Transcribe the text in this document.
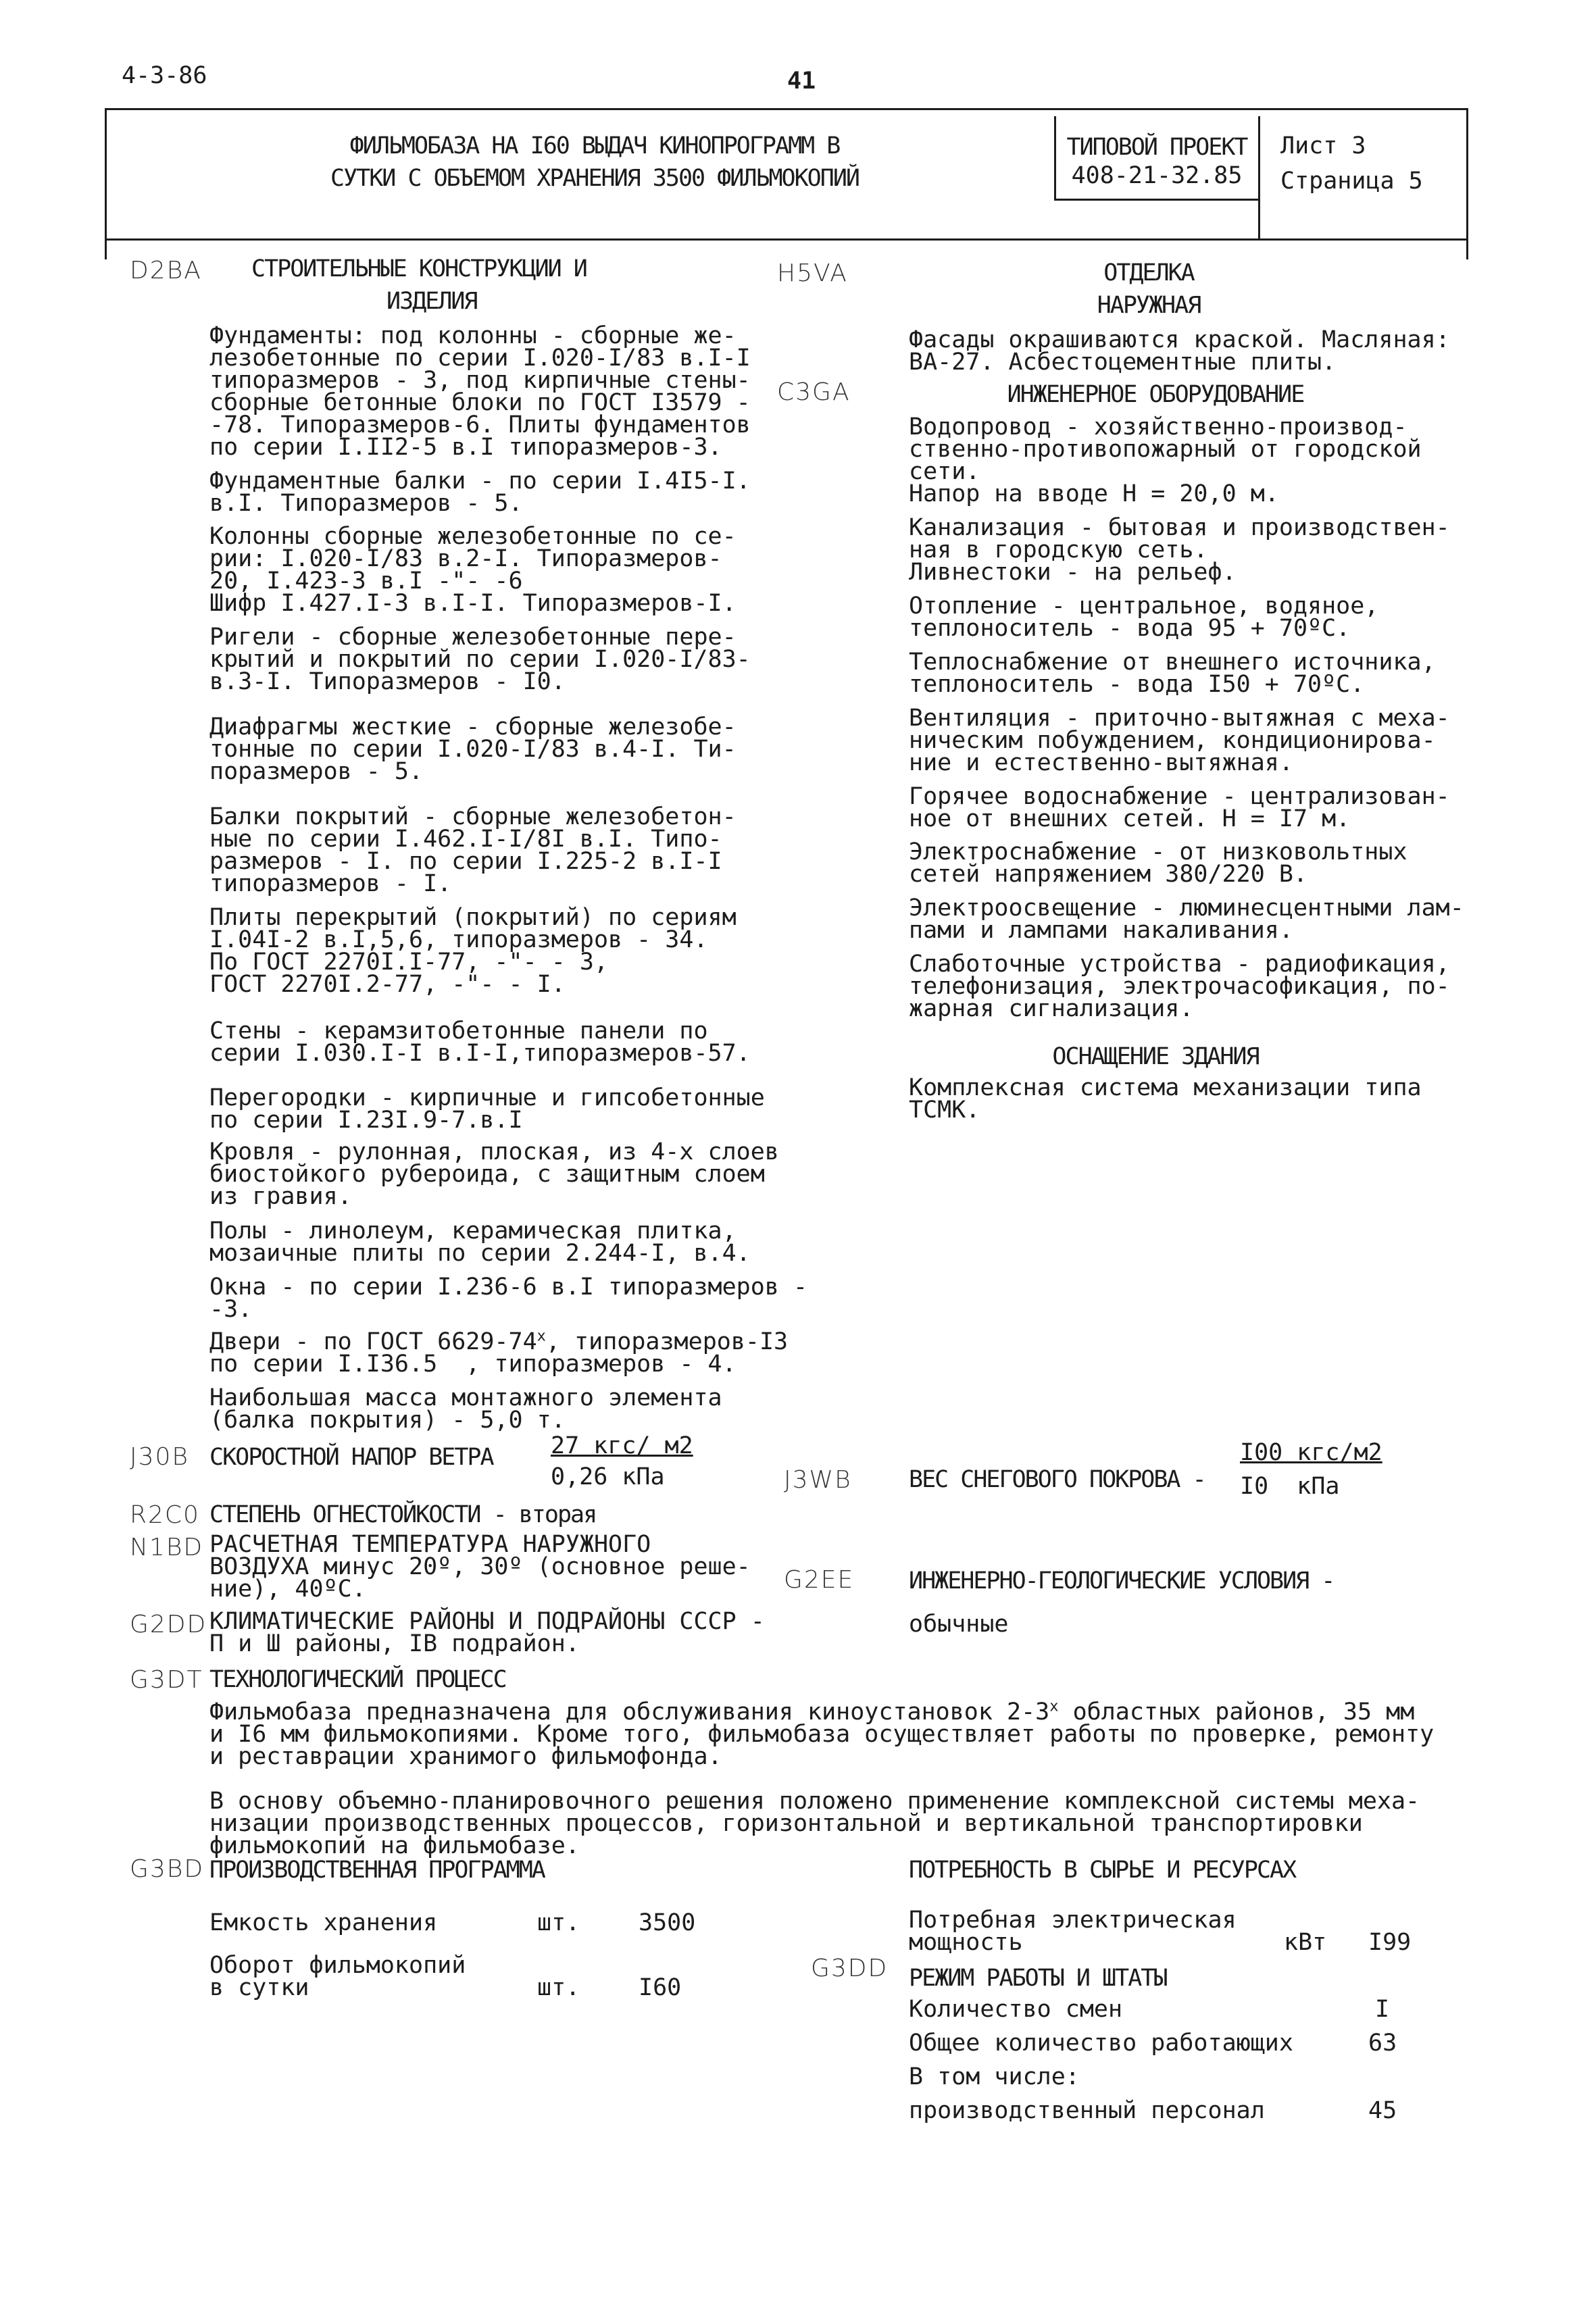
4-3-86	41
ФИЛЬМОБАЗА НА I60 ВЫДАЧ КИНОПРОГРАММ В
СУТКИ С ОБЪЕМОМ ХРАНЕНИЯ 3500 ФИЛЬМОКОПИЙ
ТИПОВОЙ ПРОЕКТ
408-21-32.85
Лист 3
Страница 5
D2BA	H5VA
C3GA
J30B
J3WB
R2C0
N1BD
G2EE
G2DD
G3DT
G3BD
G3DD
СТРОИТЕЛЬНЫЕ КОНСТРУКЦИИ И
ИЗДЕЛИЯ
Фундаменты: под колонны - сборные же-
лезобетонные по серии I.020-I/83 в.I-I
типоразмеров - 3, под кирпичные стены-
сборные бетонные блоки по ГОСТ I3579 -
-78. Типоразмеров-6. Плиты фундаментов
по серии I.II2-5 в.I типоразмеров-3.
Фундаментные балки - по серии I.4I5-I.
в.I. Типоразмеров - 5.
Колонны сборные железобетонные по се-
рии: I.020-I/83 в.2-I. Типоразмеров-
20, I.423-3 в.I -"- -6
Шифр I.427.I-3 в.I-I. Типоразмеров-I.
Ригели - сборные железобетонные пере-
крытий и покрытий по серии I.020-I/83-
в.3-I. Типоразмеров - I0.
Диафрагмы жесткие - сборные железобе-
тонные по серии I.020-I/83 в.4-I. Ти-
поразмеров - 5.
Балки покрытий - сборные железобетон-
ные по серии I.462.I-I/8I в.I. Типо-
размеров - I. по серии I.225-2 в.I-I
типоразмеров - I.
Плиты перекрытий (покрытий) по сериям
I.04I-2 в.I,5,6, типоразмеров - 34.
По ГОСТ 2270I.I-77, -"- - 3,
ГОСТ 2270I.2-77, -"- - I.
Стены - керамзитобетонные панели по
серии I.030.I-I в.I-I,типоразмеров-57.
Перегородки - кирпичные и гипсобетонные
по серии I.23I.9-7.в.I
Кровля - рулонная, плоская, из 4-х слоев
биостойкого рубероида, с защитным слоем
из гравия.
Полы - линолеум, керамическая плитка,
мозаичные плиты по серии 2.244-I, в.4.
Окна - по серии I.236-6 в.I типоразмеров -
-3.
Двери - по ГОСТ $6629-74^х$, типоразмеров-I3
по серии I.I36.5  , типоразмеров - 4.
Наибольшая масса монтажного элемента
(балка покрытия) - 5,0 т.
СКОРОСТНОЙ НАПОР ВЕТРА 27 кгс/ м2
0,26 кПа
СТЕПЕНЬ ОГНЕСТОЙКОСТИ - вторая
РАСЧЕТНАЯ ТЕМПЕРАТУРА НАРУЖНОГО
ВОЗДУХА минус 20º, 30º (основное реше-
ние), 40ºС.
КЛИМАТИЧЕСКИЕ РАЙОНЫ И ПОДРАЙОНЫ СССР -
П и Ш районы, IВ подрайон.
ТЕХНОЛОГИЧЕСКИЙ ПРОЦЕСС
ОТДЕЛКА
НАРУЖНАЯ
Фасады окрашиваются краской. Масляная:
ВА-27. Асбестоцементные плиты.
ИНЖЕНЕРНОЕ ОБОРУДОВАНИЕ
Водопровод - хозяйственно-производ-
ственно-противопожарный от городской
сети.
Напор на вводе Н = 20,0 м.
Канализация - бытовая и производствен-
ная в городскую сеть.
Ливнестоки - на рельеф.
Отопление - центральное, водяное,
теплоноситель - вода 95 + 70ºС.
Теплоснабжение от внешнего источника,
теплоноситель - вода I50 + 70ºС.
Вентиляция - приточно-вытяжная с меха-
ническим побуждением, кондиционирова-
ние и естественно-вытяжная.
Горячее водоснабжение - централизован-
ное от внешних сетей. Н = I7 м.
Электроснабжение - от низковольтных
сетей напряжением 380/220 В.
Электроосвещение - люминесцентными лам-
пами и лампами накаливания.
Слаботочные устройства - радиофикация,
телефонизация, электрочасофикация, по-
жарная сигнализация.
ОСНАЩЕНИЕ ЗДАНИЯ
Комплексная система механизации типа
ТСМК.
ВЕС СНЕГОВОГО ПОКРОВА -
I00 кгс/м2
I0  кПа
ИНЖЕНЕРНО-ГЕОЛОГИЧЕСКИЕ УСЛОВИЯ -
обычные
Фильмобаза предназначена для обслуживания киноустановок $2-3^х$ областных районов, 35 мм
и I6 мм фильмокопиями. Кроме того, фильмобаза осуществляет работы по проверке, ремонту
и реставрации хранимого фильмофонда.
В основу объемно-планировочного решения положено применение комплексной системы меха-
низации производственных процессов, горизонтальной и вертикальной транспортировки
фильмокопий на фильмобазе.
ПРОИЗВОДСТВЕННАЯ ПРОГРАММА
Емкость хранения	шт. 3500
Оборот фильмокопий
в сутки	шт. I60
ПОТРЕБНОСТЬ В СЫРЬЕ И РЕСУРСАХ
Потребная электрическая
мощность	кВт I99
РЕЖИМ РАБОТЫ И ШТАТЫ
Количество смен	I
Общее количество работающих	63
В том числе:
производственный персонал	45
